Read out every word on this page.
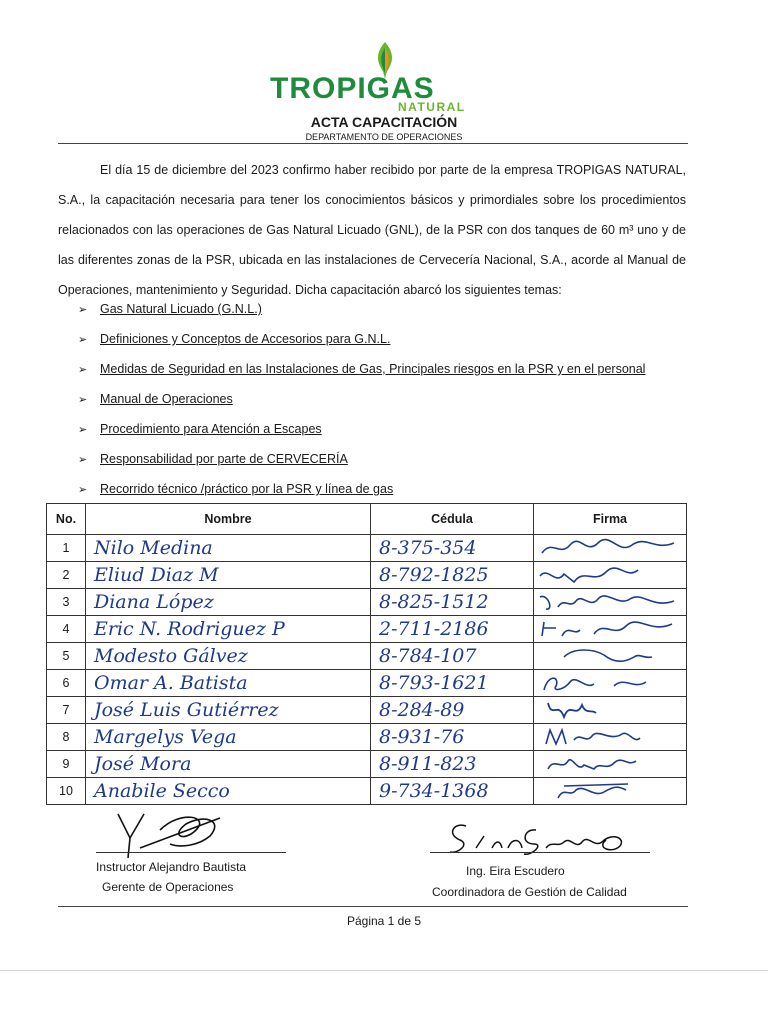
TROPIGAS
NATURAL
ACTA CAPACITACIÓN
DEPARTAMENTO DE OPERACIONES
El día 15 de diciembre del 2023 confirmo haber recibido por parte de la empresa TROPIGAS NATURAL, S.A., la capacitación necesaria para tener los conocimientos básicos y primordiales sobre los procedimientos relacionados con las operaciones de Gas Natural Licuado (GNL), de la PSR con dos tanques de 60 m³ uno y de las diferentes zonas de la PSR, ubicada en las instalaciones de Cervecería Nacional, S.A., acorde al Manual de Operaciones, mantenimiento y Seguridad. Dicha capacitación abarcó los siguientes temas:
➢ Gas Natural Licuado (G.N.L.)
➢ Definiciones y Conceptos de Accesorios para G.N.L.
➢ Medidas de Seguridad en las Instalaciones de Gas, Principales riesgos en la PSR y en el personal
➢ Manual de Operaciones
➢ Procedimiento para Atención a Escapes
➢ Responsabilidad por parte de CERVECERÍA
➢ Recorrido técnico /práctico por la PSR y línea de gas
No.	Nombre	Cédula	Firma
1	Nilo Medina	8-375-354	

2	Eliud Diaz M	8-792-1825	

3	Diana López	8-825-1512	

4	Eric N. Rodriguez P	2-711-2186	

5	Modesto Gálvez	8-784-107	

6	Omar A. Batista	8-793-1621	

7	José Luis Gutiérrez	8-284-89	

8	Margelys Vega	8-931-76	

9	José Mora	8-911-823	

10	Anabile Secco	9-734-1368	
Instructor Alejandro Bautista
Gerente de Operaciones
Ing. Eira Escudero
Coordinadora de Gestión de Calidad
Página 1 de 5
